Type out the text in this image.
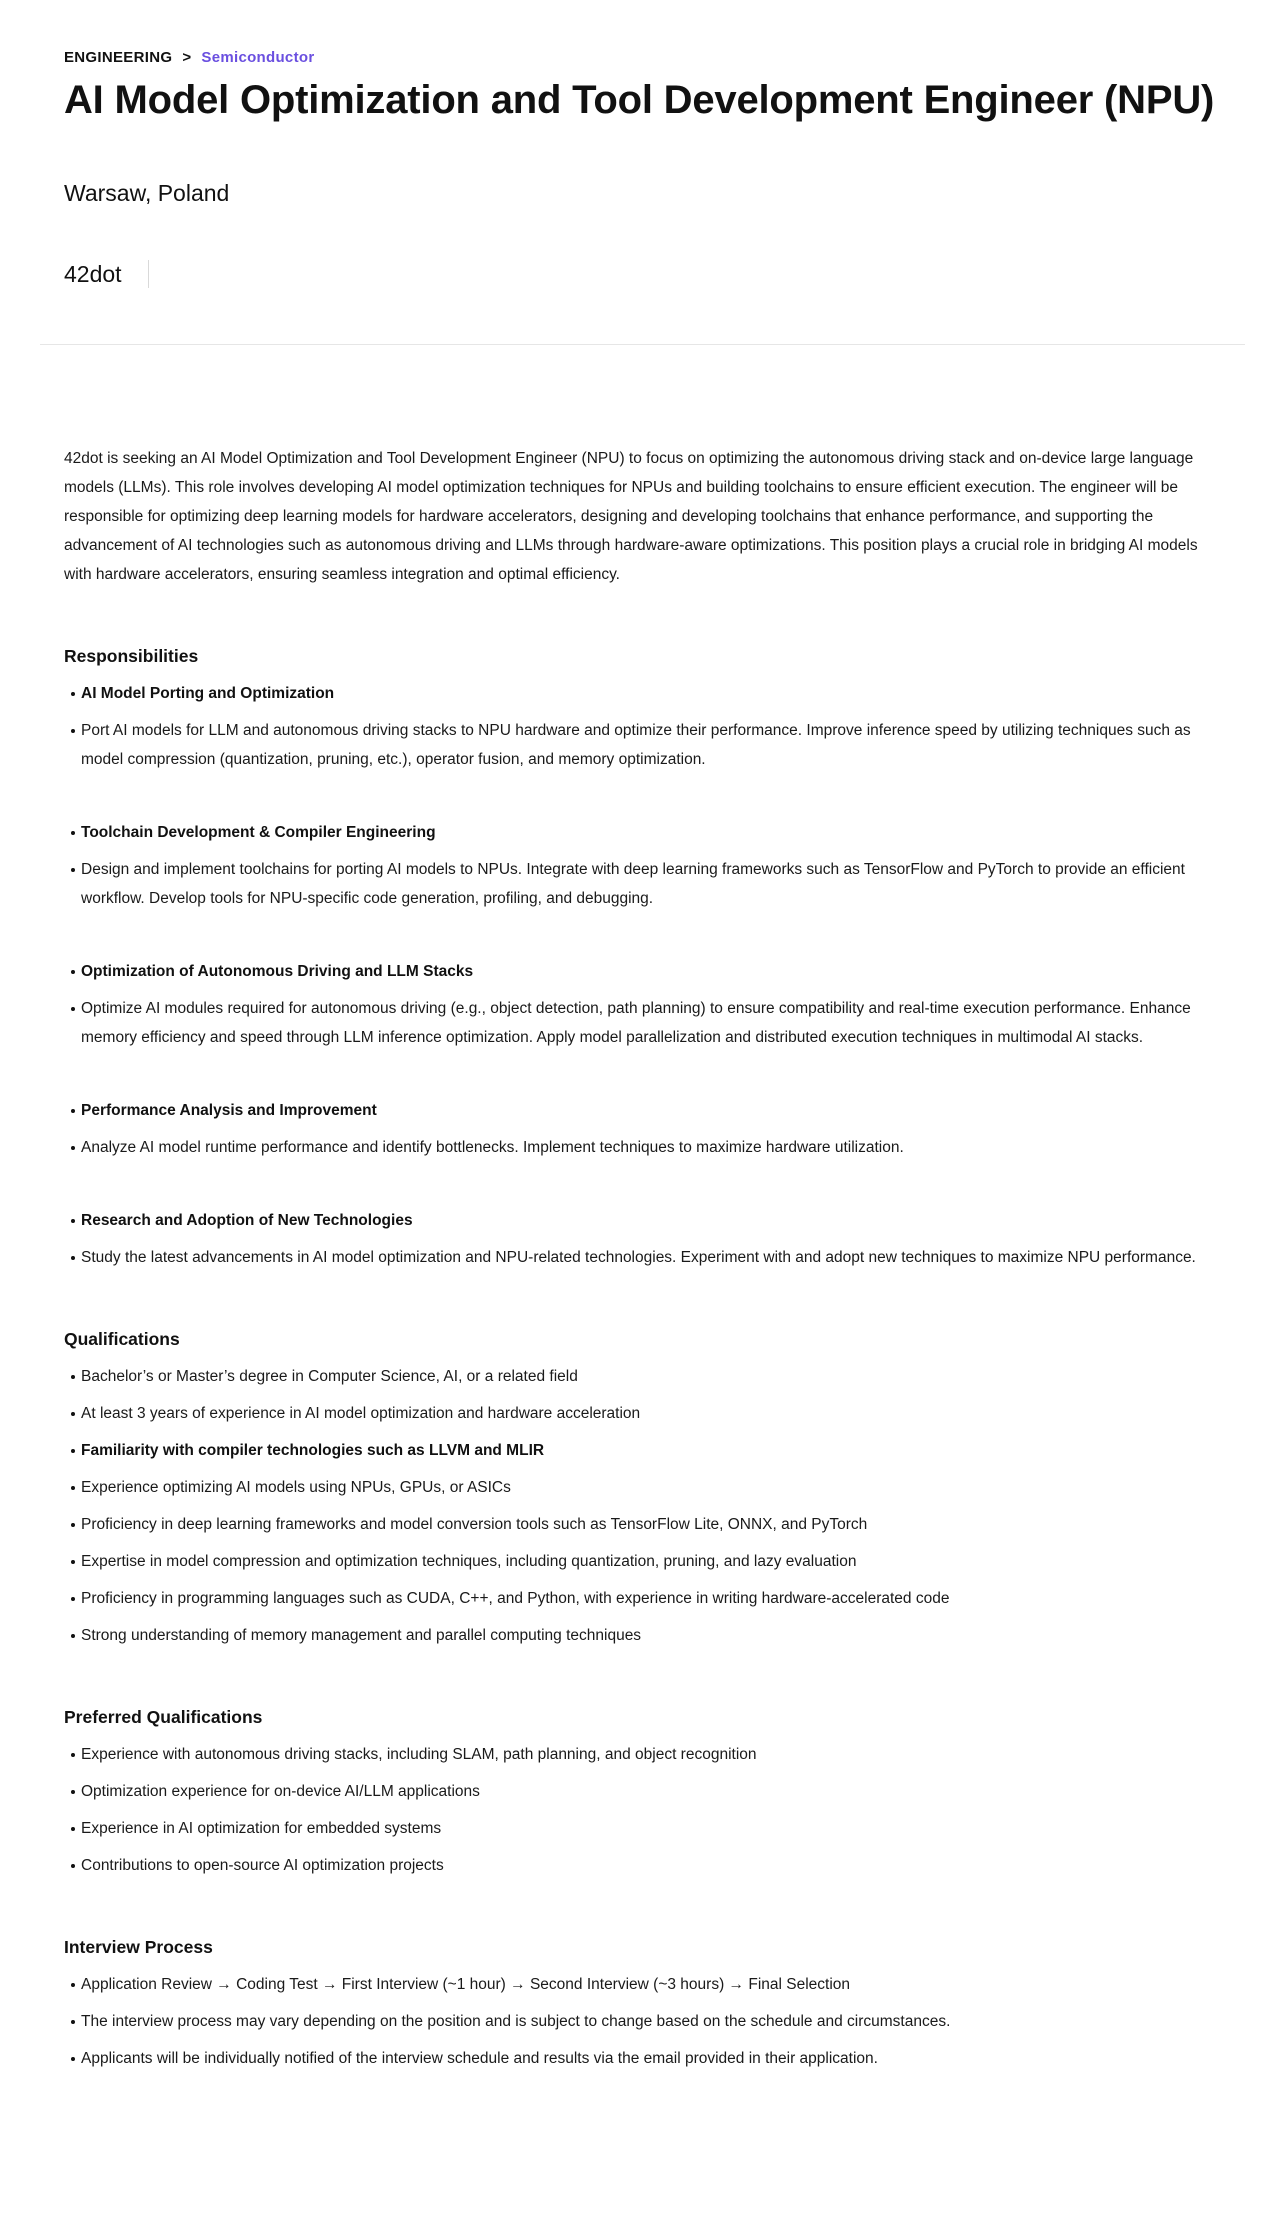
ENGINEERING > Semiconductor
AI Model Optimization and Tool Development Engineer (NPU)
Warsaw, Poland
42dot

42dot is seeking an AI Model Optimization and Tool Development Engineer (NPU) to focus on optimizing the autonomous driving stack and on-device large language models (LLMs). This role involves developing AI model optimization techniques for NPUs and building toolchains to ensure efficient execution. The engineer will be responsible for optimizing deep learning models for hardware accelerators, designing and developing toolchains that enhance performance, and supporting the advancement of AI technologies such as autonomous driving and LLMs through hardware-aware optimizations. This position plays a crucial role in bridging AI models with hardware accelerators, ensuring seamless integration and optimal efficiency.

Responsibilities
AI Model Porting and Optimization
Port AI models for LLM and autonomous driving stacks to NPU hardware and optimize their performance. Improve inference speed by utilizing techniques such as model compression (quantization, pruning, etc.), operator fusion, and memory optimization.
Toolchain Development & Compiler Engineering
Design and implement toolchains for porting AI models to NPUs. Integrate with deep learning frameworks such as TensorFlow and PyTorch to provide an efficient workflow. Develop tools for NPU-specific code generation, profiling, and debugging.
Optimization of Autonomous Driving and LLM Stacks
Optimize AI modules required for autonomous driving (e.g., object detection, path planning) to ensure compatibility and real-time execution performance. Enhance memory efficiency and speed through LLM inference optimization. Apply model parallelization and distributed execution techniques in multimodal AI stacks.
Performance Analysis and Improvement
Analyze AI model runtime performance and identify bottlenecks. Implement techniques to maximize hardware utilization.
Research and Adoption of New Technologies
Study the latest advancements in AI model optimization and NPU-related technologies. Experiment with and adopt new techniques to maximize NPU performance.
Qualifications
Bachelor’s or Master’s degree in Computer Science, AI, or a related field
At least 3 years of experience in AI model optimization and hardware acceleration
Familiarity with compiler technologies such as LLVM and MLIR
Experience optimizing AI models using NPUs, GPUs, or ASICs
Proficiency in deep learning frameworks and model conversion tools such as TensorFlow Lite, ONNX, and PyTorch
Expertise in model compression and optimization techniques, including quantization, pruning, and lazy evaluation
Proficiency in programming languages such as CUDA, C++, and Python, with experience in writing hardware-accelerated code
Strong understanding of memory management and parallel computing techniques
Preferred Qualifications
Experience with autonomous driving stacks, including SLAM, path planning, and object recognition
Optimization experience for on-device AI/LLM applications
Experience in AI optimization for embedded systems
Contributions to open-source AI optimization projects
Interview Process
Application Review → Coding Test → First Interview (~1 hour) → Second Interview (~3 hours) → Final Selection
The interview process may vary depending on the position and is subject to change based on the schedule and circumstances.
Applicants will be individually notified of the interview schedule and results via the email provided in their application.
